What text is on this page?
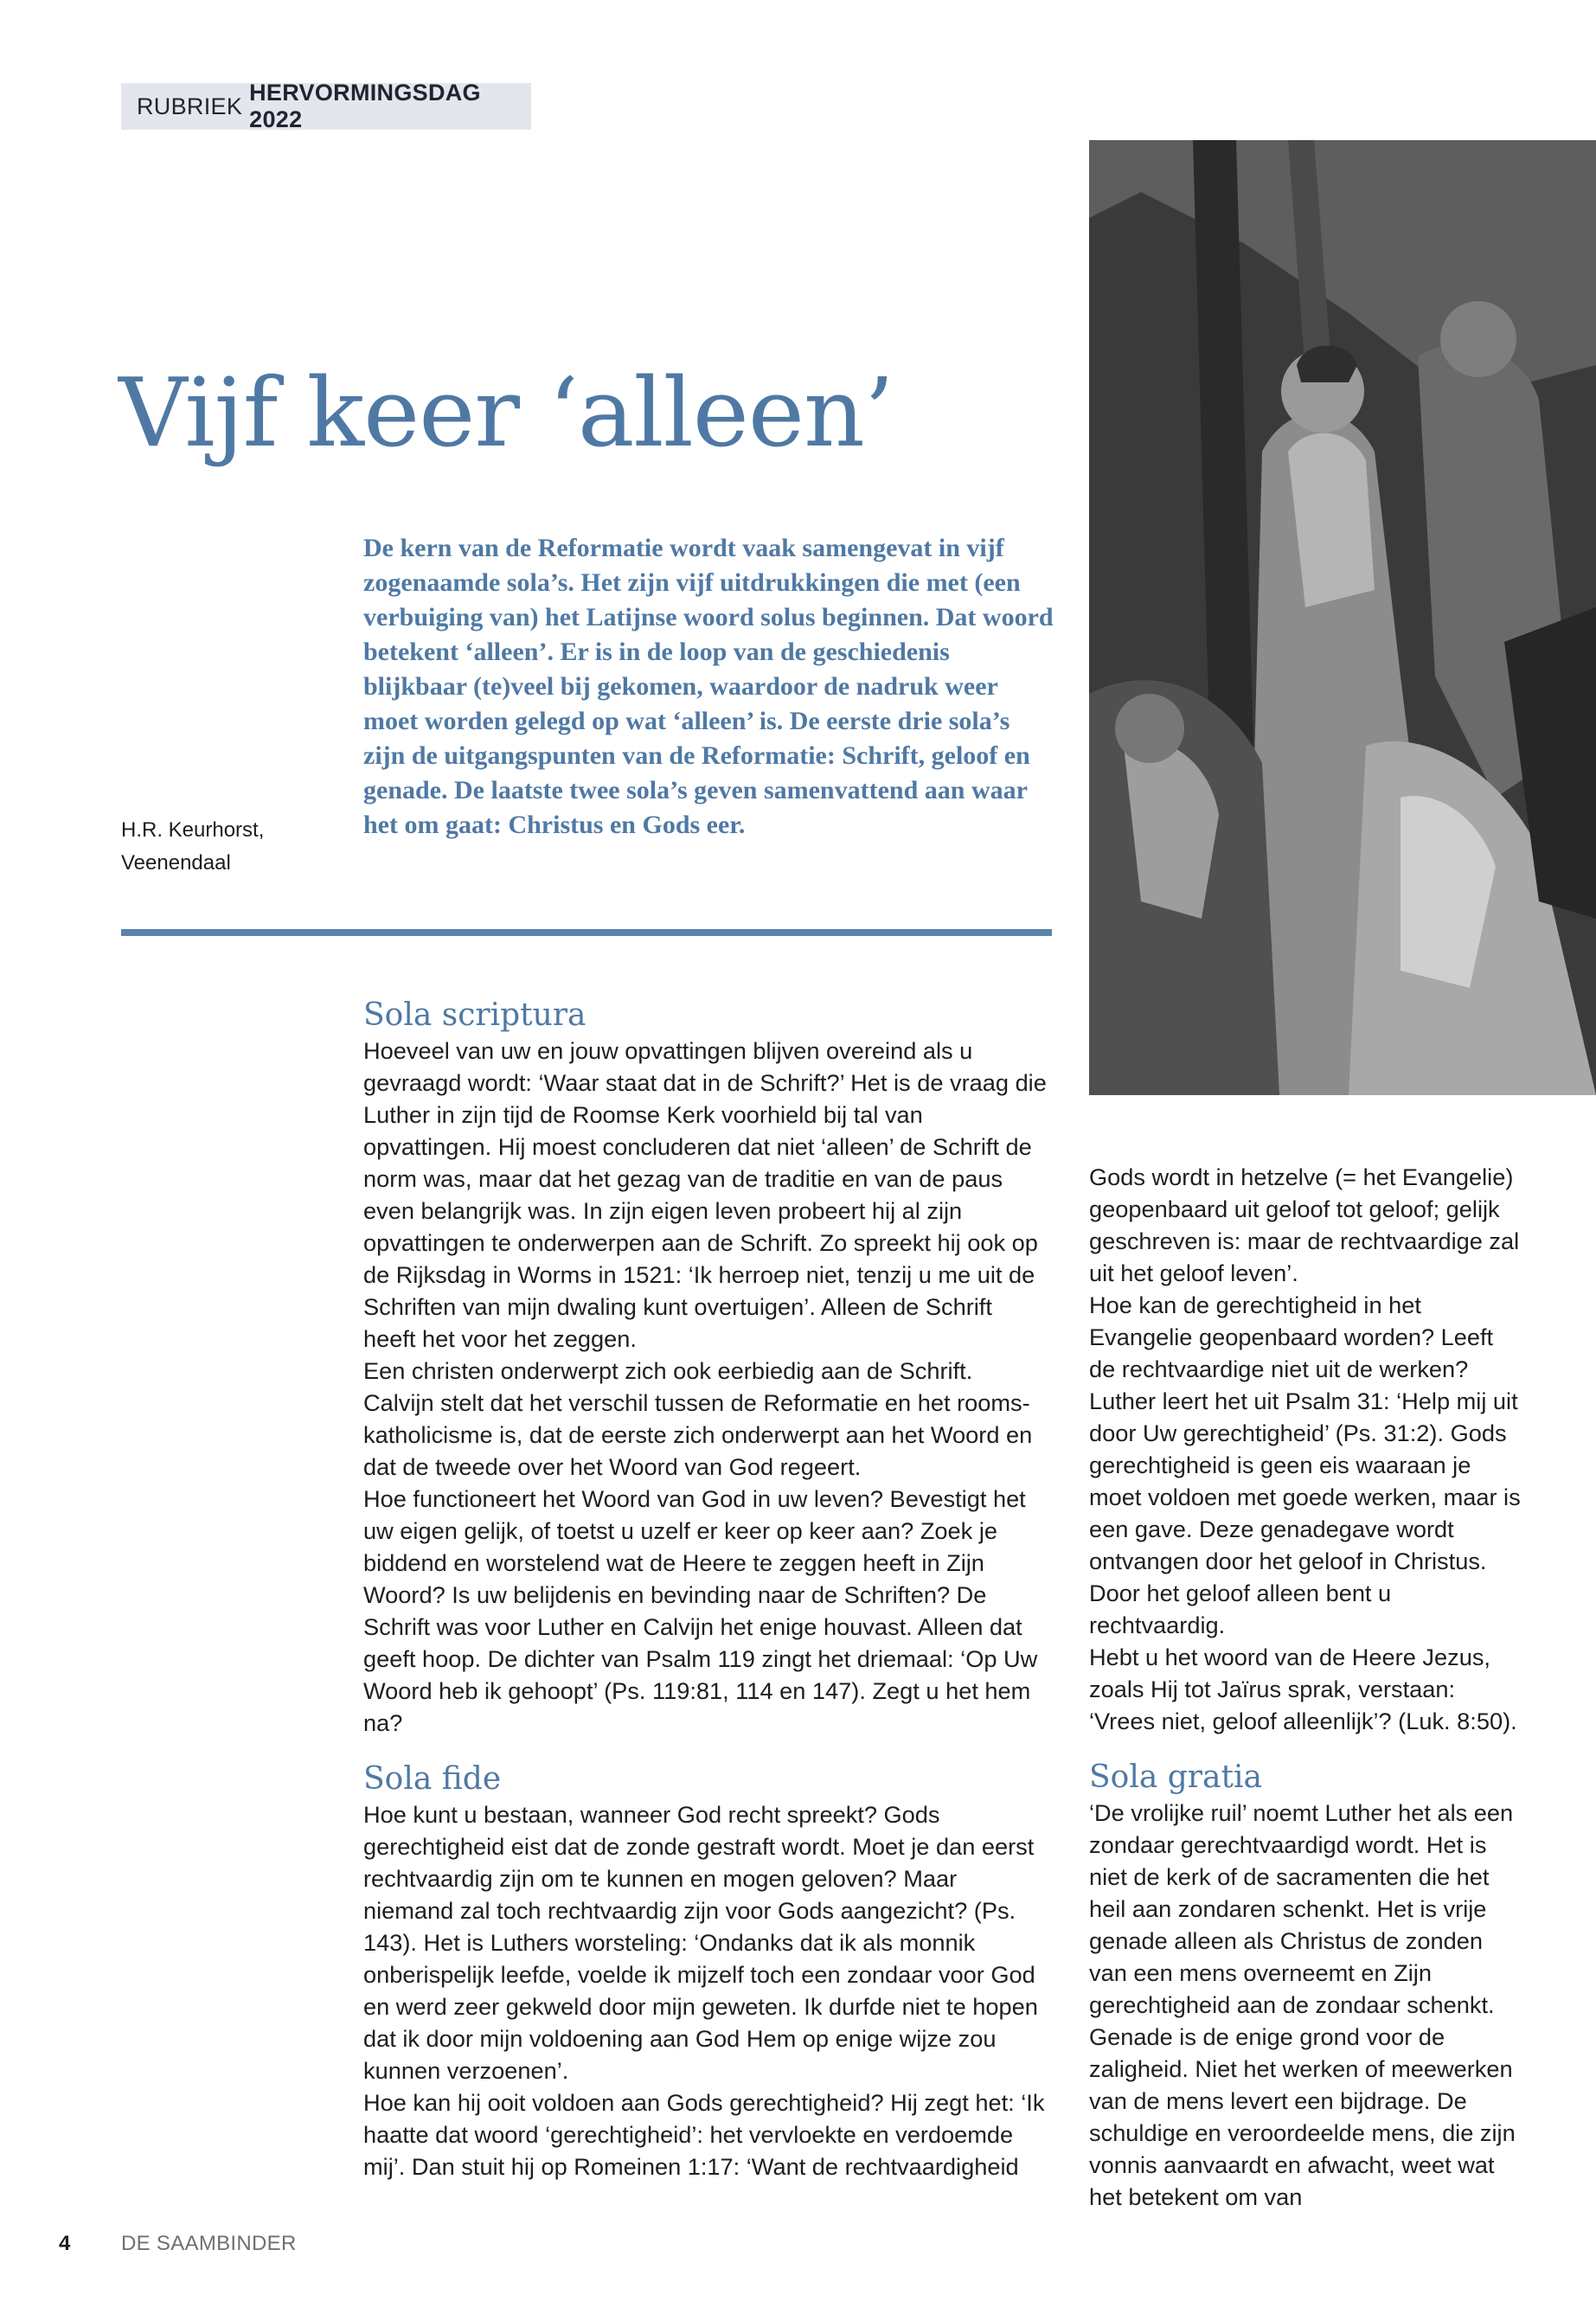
RUBRIEK
HERVORMINGSDAG 2022
Vijf keer ‘alleen’

De kern van de Reformatie wordt vaak samengevat in vijf zogenaamde sola’s. Het zijn vijf uitdrukkingen die met (een verbuiging van) het Latijnse woord solus beginnen. Dat woord betekent ‘alleen’. Er is in de loop van de geschiedenis blijkbaar (te)veel bij gekomen, waardoor de nadruk weer moet worden gelegd op wat ‘alleen’ is. De eerste drie sola’s zijn de uitgangspunten van de Reformatie: Schrift, geloof en genade. De laatste twee sola’s geven samenvattend aan waar het om gaat: Christus en Gods eer.

H.R. Keurhorst,
Veenendaal

Sola scriptura

Hoeveel van uw en jouw opvattingen blijven overeind als u gevraagd wordt: ‘Waar staat dat in de Schrift?’ Het is de vraag die Luther in zijn tijd de Roomse Kerk voorhield bij tal van opvattingen. Hij moest concluderen dat niet ‘alleen’ de Schrift de norm was, maar dat het gezag van de traditie en van de paus even belangrijk was. In zijn eigen leven probeert hij al zijn opvattingen te onderwerpen aan de Schrift. Zo spreekt hij ook op de Rijksdag in Worms in 1521: ‘Ik herroep niet, tenzij u me uit de Schriften van mijn dwaling kunt overtuigen’. Alleen de Schrift heeft het voor het zeggen.

Een christen onderwerpt zich ook eerbiedig aan de Schrift. Calvijn stelt dat het verschil tussen de Reformatie en het rooms-katholicisme is, dat de eerste zich onderwerpt aan het Woord en dat de tweede over het Woord van God regeert.

Hoe functioneert het Woord van God in uw leven? Bevestigt het uw eigen gelijk, of toetst u uzelf er keer op keer aan? Zoek je biddend en worstelend wat de Heere te zeggen heeft in Zijn Woord? Is uw belijdenis en bevinding naar de Schriften? De Schrift was voor Luther en Calvijn het enige houvast. Alleen dat geeft hoop. De dichter van Psalm 119 zingt het driemaal: ‘Op Uw Woord heb ik gehoopt’ (Ps. 119:81, 114 en 147). Zegt u het hem na?

Sola fide

Hoe kunt u bestaan, wanneer God recht spreekt? Gods gerechtigheid eist dat de zonde gestraft wordt. Moet je dan eerst rechtvaardig zijn om te kunnen en mogen geloven? Maar niemand zal toch rechtvaardig zijn voor Gods aangezicht? (Ps. 143). Het is Luthers worsteling: ‘Ondanks dat ik als monnik onberispelijk leefde, voelde ik mijzelf toch een zondaar voor God en werd zeer gekweld door mijn geweten. Ik durfde niet te hopen dat ik door mijn voldoening aan God Hem op enige wijze zou kunnen verzoenen’.

Hoe kan hij ooit voldoen aan Gods gerechtigheid? Hij zegt het: ‘Ik haatte dat woord ‘gerechtigheid’: het vervloekte en verdoemde mij’. Dan stuit hij op Romeinen 1:17: ‘Want de rechtvaardigheid

Gods wordt in hetzelve (= het Evangelie) geopenbaard uit geloof tot geloof; gelijk geschreven is: maar de rechtvaardige zal uit het geloof leven’.

Hoe kan de gerechtigheid in het Evangelie geopenbaard worden? Leeft de rechtvaardige niet uit de werken? Luther leert het uit Psalm 31: ‘Help mij uit door Uw gerechtigheid’ (Ps. 31:2). Gods gerechtigheid is geen eis waaraan je moet voldoen met goede werken, maar is een gave. Deze genadegave wordt ontvangen door het geloof in Christus. Door het geloof alleen bent u rechtvaardig.

Hebt u het woord van de Heere Jezus, zoals Hij tot Jaïrus sprak, verstaan: ‘Vrees niet, geloof alleenlijk’? (Luk. 8:50).

Sola gratia

‘De vrolijke ruil’ noemt Luther het als een zondaar gerechtvaardigd wordt. Het is niet de kerk of de sacramenten die het heil aan zondaren schenkt. Het is vrije genade alleen als Christus de zonden van een mens overneemt en Zijn gerechtigheid aan de zondaar schenkt. Genade is de enige grond voor de zaligheid. Niet het werken of meewerken van de mens levert een bijdrage. De schuldige en veroordeelde mens, die zijn vonnis aanvaardt en afwacht, weet wat het betekent om van

4	DE SAAMBINDER
